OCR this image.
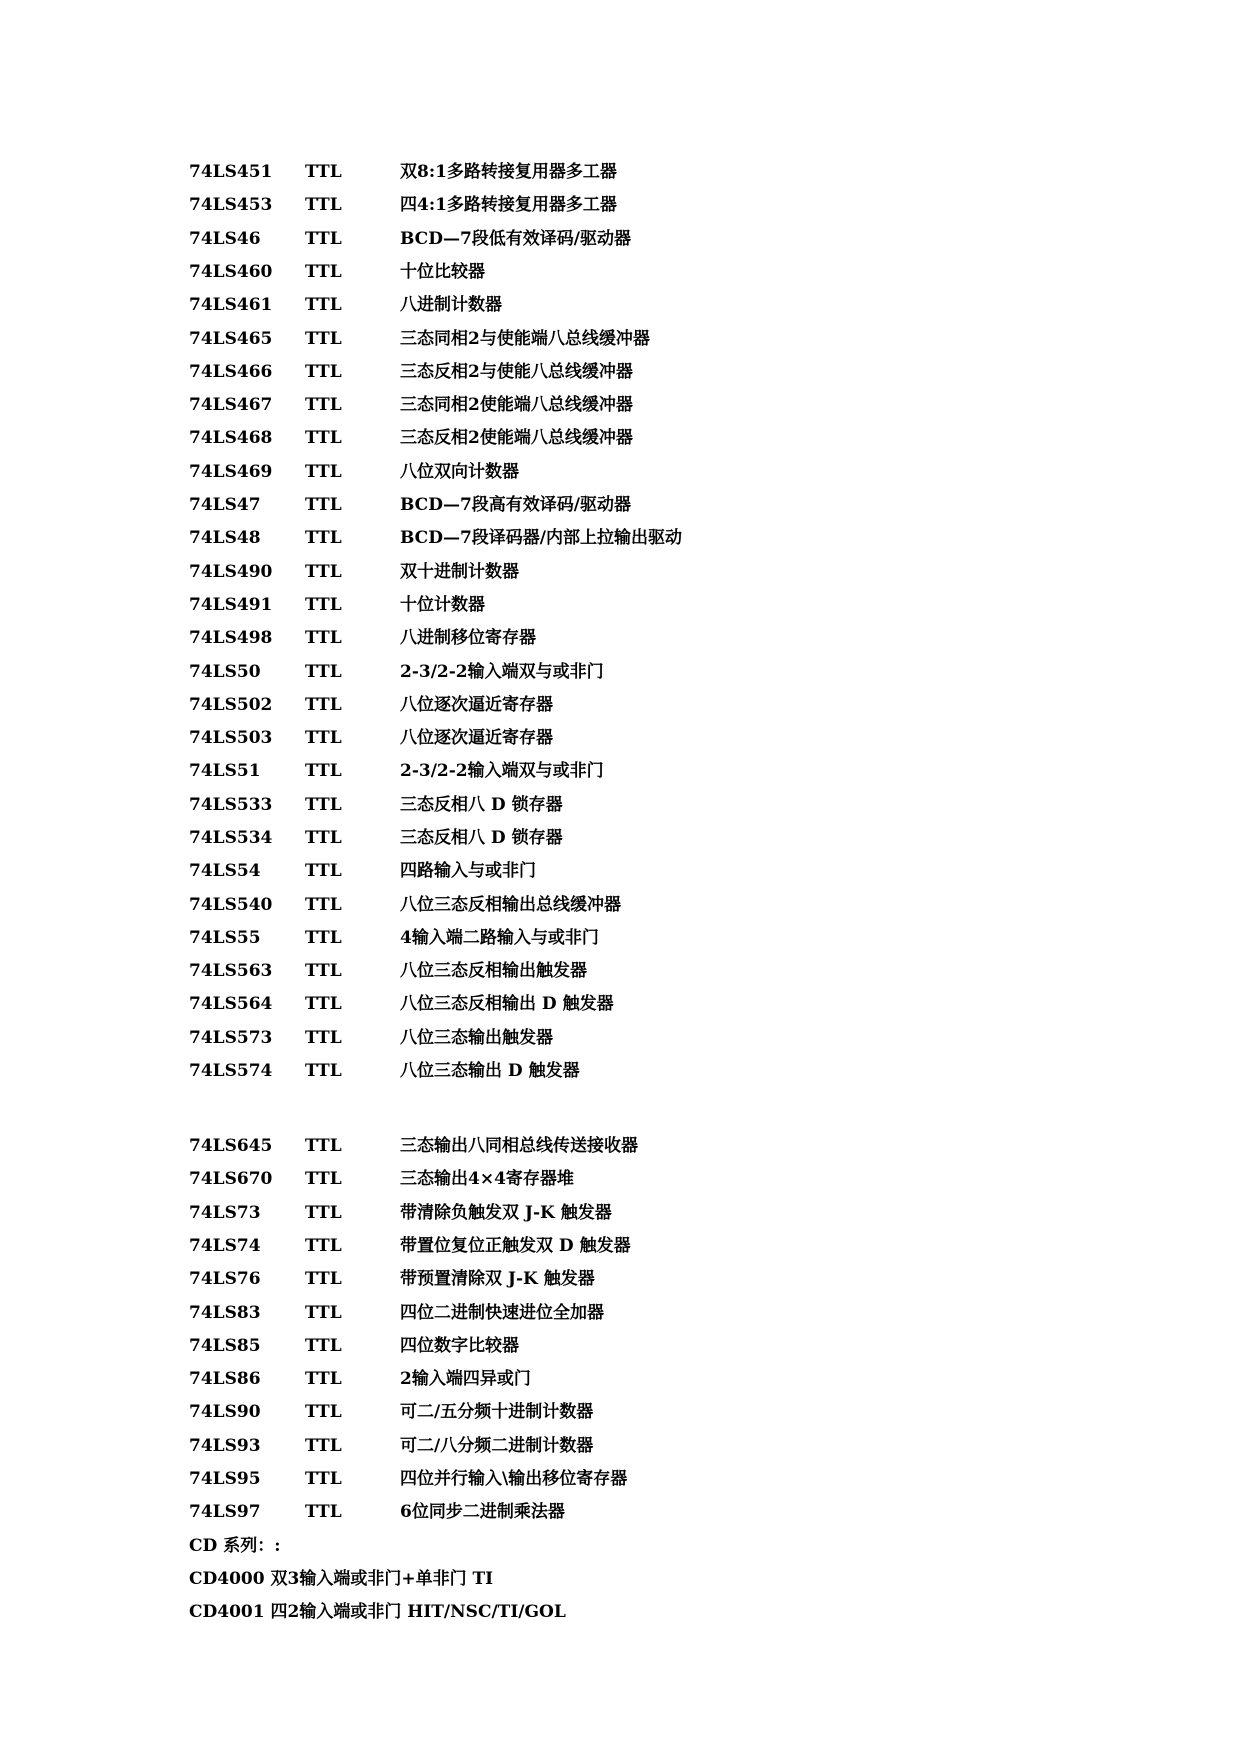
74LS451 TTL	双8:1多路转接复用器多工器
74LS453 TTL	四4:1多路转接复用器多工器
74LS46	TTL	BCD—7段低有效译码/驱动器
74LS460 TTL	十位比较器
74LS461 TTL	八进制计数器
74LS465 TTL	三态同相2与使能端八总线缓冲器
74LS466 TTL	三态反相2与使能八总线缓冲器
74LS467 TTL	三态同相2使能端八总线缓冲器
74LS468 TTL	三态反相2使能端八总线缓冲器
74LS469 TTL	八位双向计数器
74LS47	TTL	BCD—7段高有效译码/驱动器
74LS48	TTL	BCD—7段译码器/内部上拉输出驱动
74LS490 TTL	双十进制计数器
74LS491 TTL	十位计数器
74LS498 TTL	八进制移位寄存器
74LS50	TTL	2-3/2-2输入端双与或非门
74LS502 TTL	八位逐次逼近寄存器
74LS503 TTL	八位逐次逼近寄存器
74LS51	TTL	2-3/2-2输入端双与或非门
74LS533 TTL	三态反相八 D 锁存器
74LS534 TTL	三态反相八 D 锁存器
74LS54	TTL	四路输入与或非门
74LS540 TTL	八位三态反相输出总线缓冲器
74LS55	TTL	4输入端二路输入与或非门
74LS563 TTL	八位三态反相输出触发器
74LS564 TTL	八位三态反相输出 D 触发器
74LS573 TTL	八位三态输出触发器
74LS574 TTL	八位三态输出 D 触发器
74LS645 TTL	三态输出八同相总线传送接收器
74LS670 TTL	三态输出4×4寄存器堆
74LS73	TTL	带清除负触发双 J-K 触发器
74LS74	TTL	带置位复位正触发双 D 触发器
74LS76	TTL	带预置清除双 J-K 触发器
74LS83	TTL	四位二进制快速进位全加器
74LS85	TTL	四位数字比较器
74LS86	TTL	2输入端四异或门
74LS90	TTL	可二/五分频十进制计数器
74LS93	TTL	可二/八分频二进制计数器
74LS95	TTL	四位并行输入\输出移位寄存器
74LS97	TTL	6位同步二进制乘法器
CD 系列：:
CD4000 双3输入端或非门+单非门 TI
CD4001 四2输入端或非门 HIT/NSC/TI/GOL
